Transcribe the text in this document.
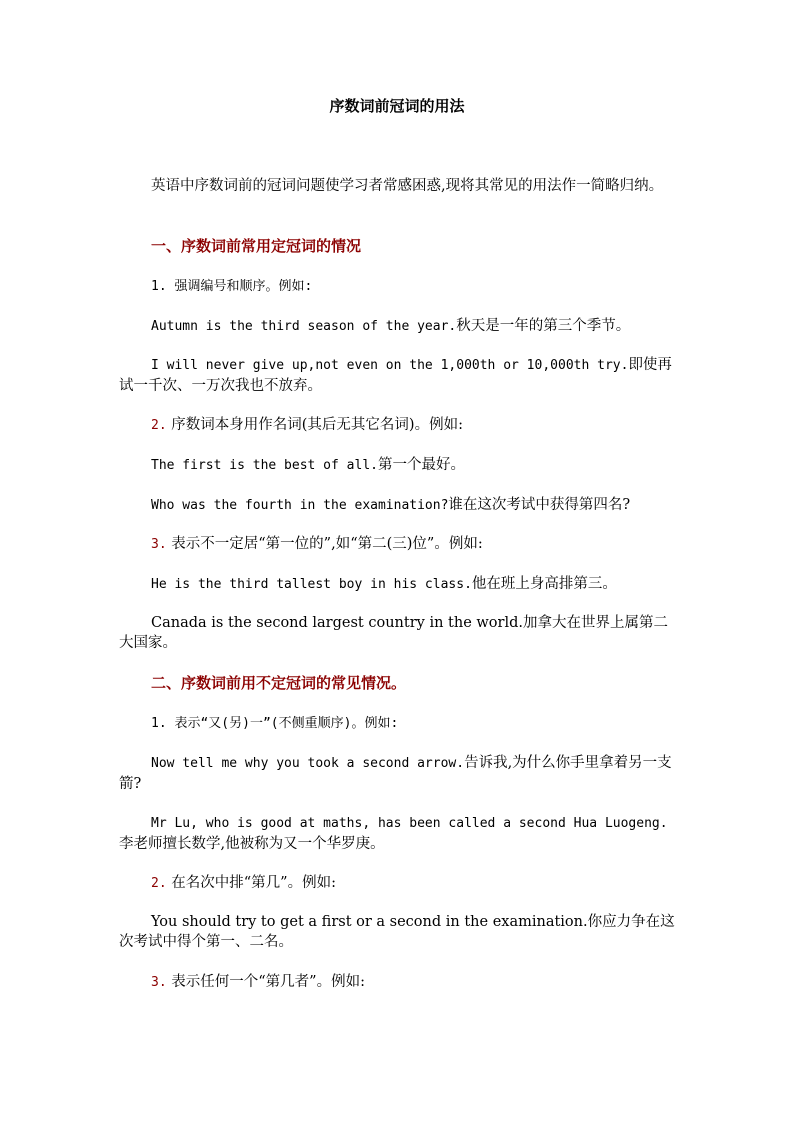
序数词前冠词的用法

英语中序数词前的冠词问题使学习者常感困惑,现将其常见的用法作一简略归纳。

一、序数词前常用定冠词的情况

1. 强调编号和顺序。例如:

Autumn is the third season of the year.秋天是一年的第三个季节。

I will never give up,not even on the 1,000th or 10,000th try.即使再试一千次、一万次我也不放弃。

2. 序数词本身用作名词(其后无其它名词)。例如:

The first is the best of all.第一个最好。

Who was the fourth in the examination?谁在这次考试中获得第四名?

3. 表示不一定居“第一位的”,如“第二(三)位”。例如:

He is the third tallest boy in his class.他在班上身高排第三。

Canada is the second largest country in the world.加拿大在世界上属第二大国家。

二、序数词前用不定冠词的常见情况。

1. 表示“又(另)一”(不侧重顺序)。例如:

Now tell me why you took a second arrow.告诉我,为什么你手里拿着另一支箭?

Mr Lu, who is good at maths, has been called a second Hua Luogeng.李老师擅长数学,他被称为又一个华罗庚。

2. 在名次中排“第几”。例如:

You should try to get a first or a second in the examination.你应力争在这次考试中得个第一、二名。

3. 表示任何一个“第几者”。例如:
